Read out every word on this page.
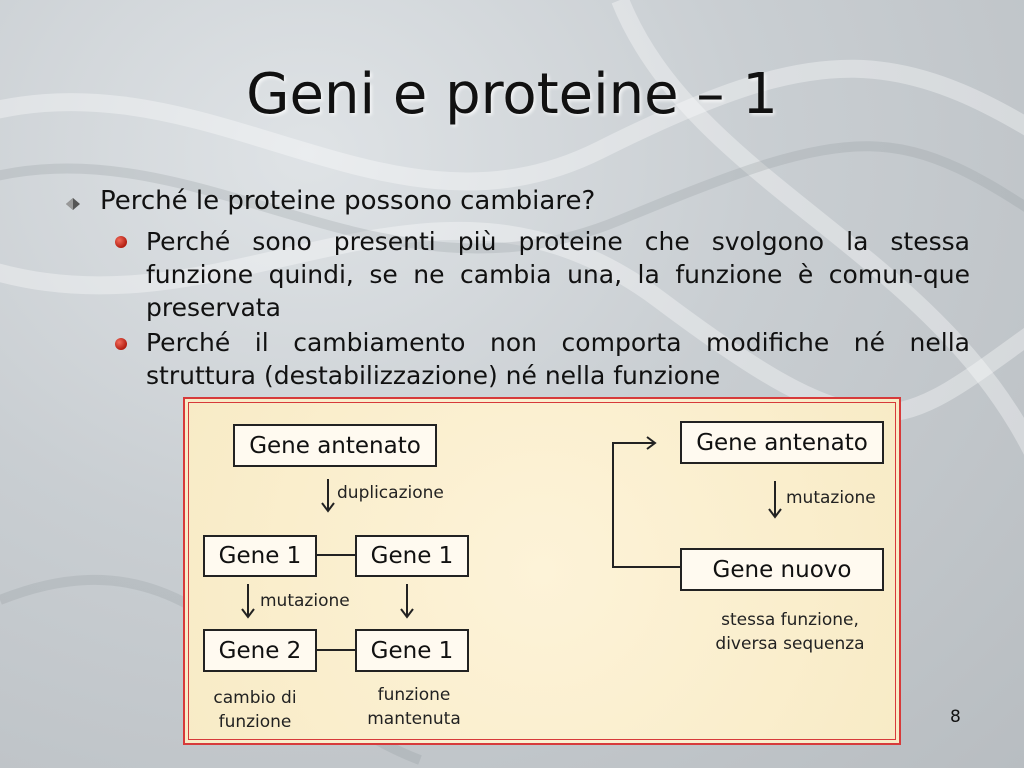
Geni e proteine – 1
Perché le proteine possono cambiare?
Perché sono presenti più proteine che svolgono la stessa funzione quindi, se ne cambia una, la funzione è comun-que preservata
Perché il cambiamento non comporta modifiche né nella struttura (destabilizzazione) né nella funzione
Gene antenato
duplicazione
Gene 1	Gene 1
mutazione
Gene 2	Gene 1
cambio di
funzione
funzione
mantenuta
Gene antenato
mutazione
Gene nuovo
stessa funzione,
diversa sequenza
8
